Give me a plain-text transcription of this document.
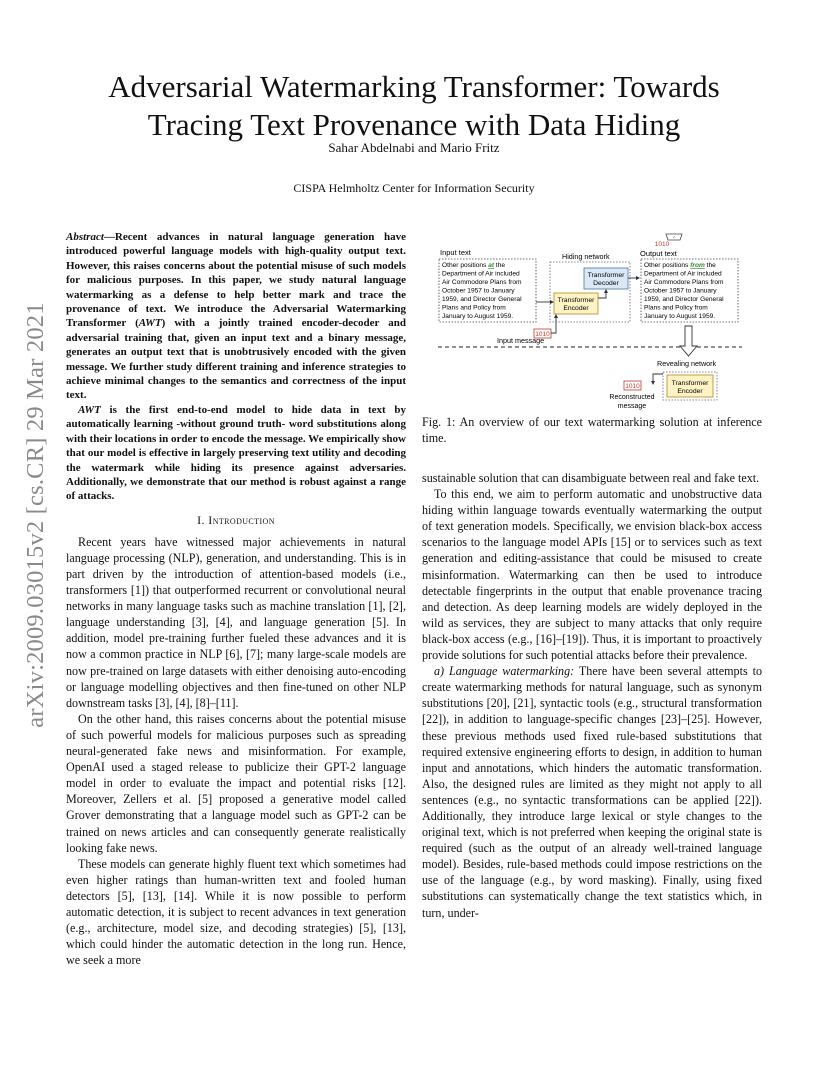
arXiv:2009.03015v2 [cs.CR] 29 Mar 2021
Adversarial Watermarking Transformer: Towards Tracing Text Provenance with Data Hiding
Sahar Abdelnabi and Mario Fritz
CISPA Helmholtz Center for Information Security

Abstract—Recent advances in natural language generation have introduced powerful language models with high-quality output text. However, this raises concerns about the potential misuse of such models for malicious purposes. In this paper, we study natural language watermarking as a defense to help better mark and trace the provenance of text. We introduce the Adversarial Watermarking Transformer (AWT) with a jointly trained encoder-decoder and adversarial training that, given an input text and a binary message, generates an output text that is unobtrusively encoded with the given message. We further study different training and inference strategies to achieve minimal changes to the semantics and correctness of the input text.

AWT is the first end-to-end model to hide data in text by automatically learning -without ground truth- word substitutions along with their locations in order to encode the message. We empirically show that our model is effective in largely preserving text utility and decoding the watermark while hiding its presence against adversaries. Additionally, we demonstrate that our method is robust against a range of attacks.

I. Introduction

Recent years have witnessed major achievements in natural language processing (NLP), generation, and understanding. This is in part driven by the introduction of attention-based models (i.e., transformers [1]) that outperformed recurrent or convolutional neural networks in many language tasks such as machine translation [1], [2], language understanding [3], [4], and language generation [5]. In addition, model pre-training further fueled these advances and it is now a common practice in NLP [6], [7]; many large-scale models are now pre-trained on large datasets with either denoising auto-encoding or language modelling objectives and then fine-tuned on other NLP downstream tasks [3], [4], [8]–[11].

On the other hand, this raises concerns about the potential misuse of such powerful models for malicious purposes such as spreading neural-generated fake news and misinformation. For example, OpenAI used a staged release to publicize their GPT-2 language model in order to evaluate the impact and potential risks [12]. Moreover, Zellers et al. [5] proposed a generative model called Grover demonstrating that a language model such as GPT-2 can be trained on news articles and can consequently generate realistically looking fake news.

These models can generate highly fluent text which sometimes had even higher ratings than human-written text and fooled human detectors [5], [13], [14]. While it is now possible to perform automatic detection, it is subject to recent advances in text generation (e.g., architecture, model size, and decoding strategies) [5], [13], which could hinder the automatic detection in the long run. Hence, we seek a more

Input text
Other positions at the Department of Air included Air Commodore Plans from October 1957 to January 1959, and Director General Plans and Policy from January to August 1959.
Hiding network
Transformer
Decoder
Transformer
Encoder
1010
Input message
✓
1010
Output text
Other positions from the Department of Air included Air Commodore Plans from October 1957 to January 1959, and Director General Plans and Policy from January to August 1959.
Revealing network
Transformer
Encoder
1010
Reconstructed
message
Fig. 1: An overview of our text watermarking solution at inference time.

sustainable solution that can disambiguate between real and fake text.

To this end, we aim to perform automatic and unobstructive data hiding within language towards eventually watermarking the output of text generation models. Specifically, we envision black-box access scenarios to the language model APIs [15] or to services such as text generation and editing-assistance that could be misused to create misinformation. Watermarking can then be used to introduce detectable fingerprints in the output that enable provenance tracing and detection. As deep learning models are widely deployed in the wild as services, they are subject to many attacks that only require black-box access (e.g., [16]–[19]). Thus, it is important to proactively provide solutions for such potential attacks before their prevalence.

a) Language watermarking: There have been several attempts to create watermarking methods for natural language, such as synonym substitutions [20], [21], syntactic tools (e.g., structural transformation [22]), in addition to language-specific changes [23]–[25]. However, these previous methods used fixed rule-based substitutions that required extensive engineering efforts to design, in addition to human input and annotations, which hinders the automatic transformation. Also, the designed rules are limited as they might not apply to all sentences (e.g., no syntactic transformations can be applied [22]). Additionally, they introduce large lexical or style changes to the original text, which is not preferred when keeping the original state is required (such as the output of an already well-trained language model). Besides, rule-based methods could impose restrictions on the use of the language (e.g., by word masking). Finally, using fixed substitutions can systematically change the text statistics which, in turn, under-
